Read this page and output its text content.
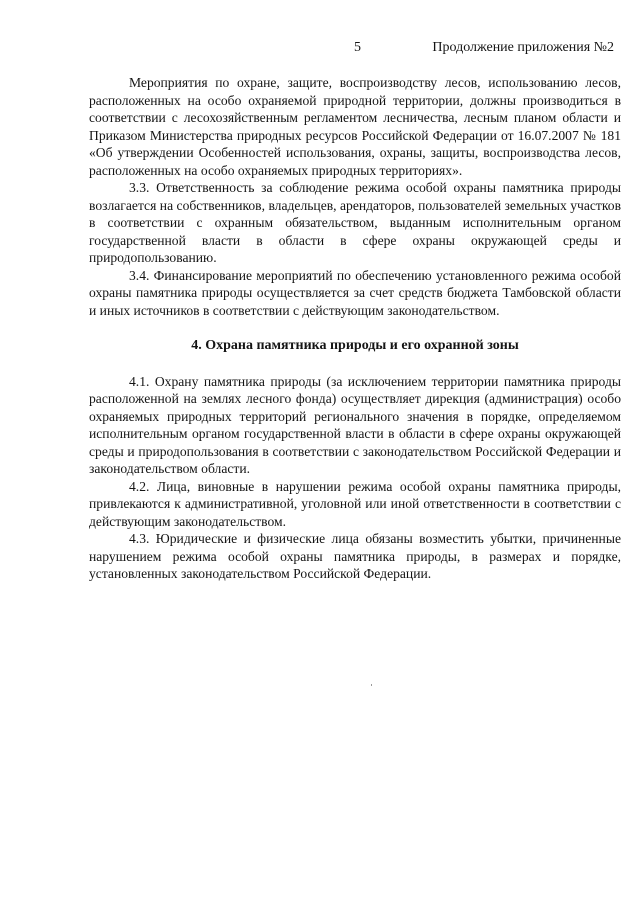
5	Продолжение приложения №2

Мероприятия по охране, защите, воспроизводству лесов, использованию лесов, расположенных на особо охраняемой природной территории, должны производиться в соответствии с лесохозяйственным регламентом лесничества, лесным планом области и Приказом Министерства природных ресурсов Российской Федерации от 16.07.2007 № 181 «Об утверждении Особенностей использования, охраны, защиты, воспроизводства лесов, расположенных на особо охраняемых природных территориях».

3.3. Ответственность за соблюдение режима особой охраны памятника природы возлагается на собственников, владельцев, арендаторов, пользователей земельных участков в соответствии с охранным обязательством, выданным исполнительным органом государственной власти в области в сфере охраны окружающей среды и природопользованию.

3.4. Финансирование мероприятий по обеспечению установленного режима особой охраны памятника природы осуществляется за счет средств бюджета Тамбовской области и иных источников в соответствии с действующим законодательством.

4. Охрана памятника природы и его охранной зоны

4.1. Охрану памятника природы (за исключением территории памятника природы расположенной на землях лесного фонда) осуществляет дирекция (администрация) особо охраняемых природных территорий регионального значения в порядке, определяемом исполнительным органом государственной власти в области в сфере охраны окружающей среды и природопользования в соответствии с законодательством Российской Федерации и законодательством области.

4.2. Лица, виновные в нарушении режима особой охраны памятника природы, привлекаются к административной, уголовной или иной ответственности в соответствии с действующим законодательством.

4.3. Юридические и физические лица обязаны возместить убытки, причиненные нарушением режима особой охраны памятника природы, в размерах и порядке, установленных законодательством Российской Федерации.
